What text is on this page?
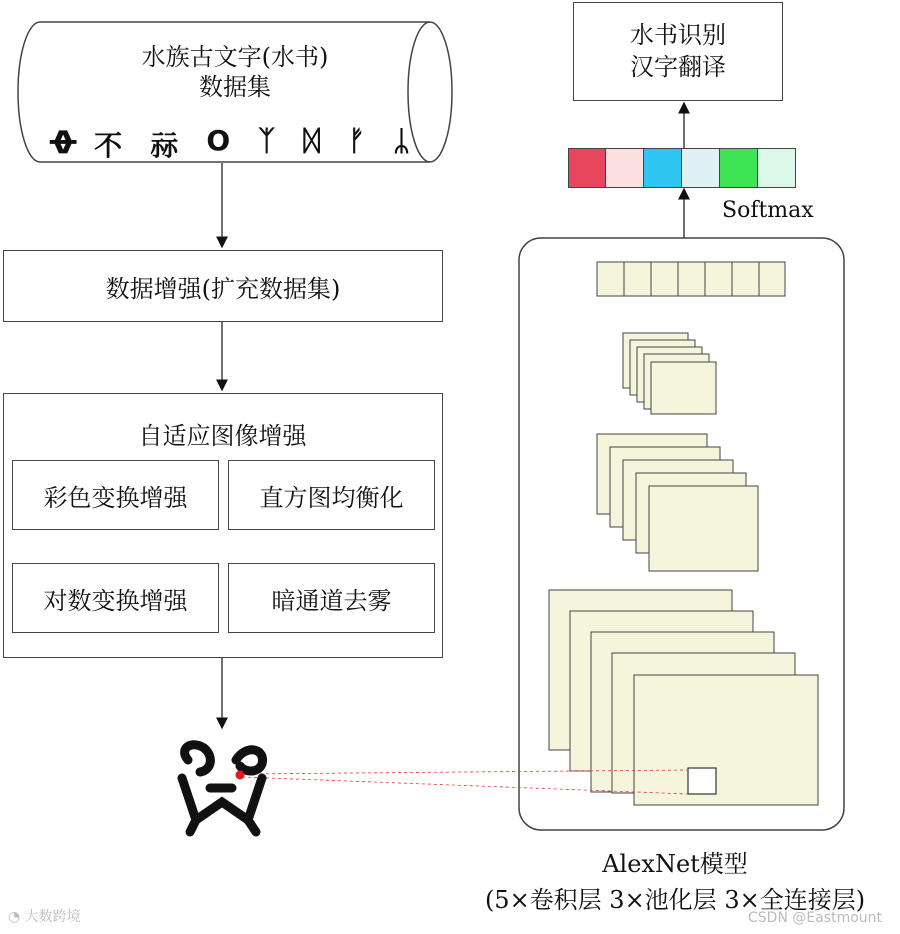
水族古文字(水书)
数据集
ᚖ 不 祘 O ᛉ ᛞ ᚠ ᛦ
数据增强(扩充数据集)
自适应图像增强
彩色变换增强	直方图均衡化
对数变换增强	暗通道去雾
水书识别
汉字翻译
Softmax
AlexNet模型
(5×卷积层 3×池化层 3×全连接层)
◔ 大数跨境	CSDN @Eastmount
